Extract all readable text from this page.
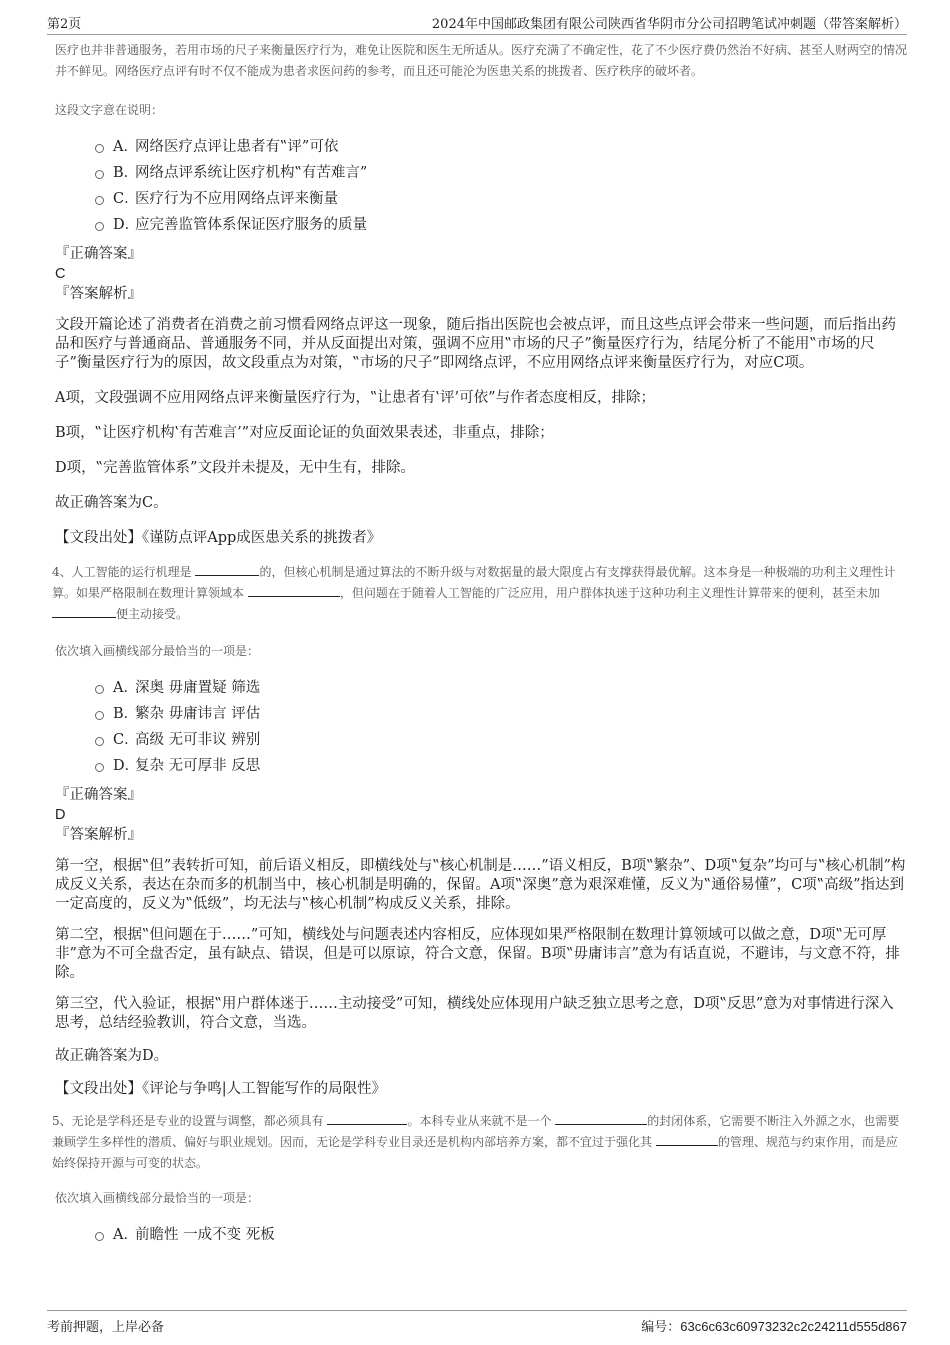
第2页	2024年中国邮政集团有限公司陕西省华阴市分公司招聘笔试冲刺题（带答案解析）
医疗也并非普通服务，若用市场的尺子来衡量医疗行为，难免让医院和医生无所适从。医疗充满了不确定性，花了不少医疗费仍然治不好病、甚至人财两空的情况并不鲜见。网络医疗点评有时不仅不能成为患者求医问药的参考，而且还可能沦为医患关系的挑拨者、医疗秩序的破坏者。
这段文字意在说明：
A．
网络医疗点评让患者有‟评”可依
B．
网络点评系统让医疗机构‟有苦难言”
C．
医疗行为不应用网络点评来衡量
D．
应完善监管体系保证医疗服务的质量
『正确答案』
C
『答案解析』
文段开篇论述了消费者在消费之前习惯看网络点评这一现象，随后指出医院也会被点评，而且这些点评会带来一些问题，而后指出药品和医疗与普通商品、普通服务不同，并从反面提出对策，强调不应用‟市场的尺子”衡量医疗行为，结尾分析了不能用‟市场的尺子”衡量医疗行为的原因，故文段重点为对策，‟市场的尺子”即网络点评，不应用网络点评来衡量医疗行为，对应C项。
A项，文段强调不应用网络点评来衡量医疗行为，‟让患者有‛评’可依”与作者态度相反，排除；
B项，‟让医疗机构‛有苦难言’”对应反面论证的负面效果表述，非重点，排除；
D项，‟完善监管体系”文段并未提及，无中生有，排除。
故正确答案为C。
【文段出处】《谨防点评App成医患关系的挑拨者》
4、人工智能的运行机理是	的，但核心机制是通过算法的不断升级与对数据量的最大限度占有支撑获得最优解。这本身是一种极端的功利主义理性计算。如果严格限制在数理计算领域本	，但问题在于随着人工智能的广泛应用，用户群体执迷于这种功利主义理性计算带来的便利，甚至未加 便主动接受。
依次填入画横线部分最恰当的一项是：
A．
深奥 毋庸置疑 筛选
B．
繁杂 毋庸讳言 评估
C．
高级 无可非议 辨别
D．
复杂 无可厚非 反思
『正确答案』
D
『答案解析』
第一空，根据‟但”表转折可知，前后语义相反，即横线处与‟核心机制是……”语义相反，B项‟繁杂”、D项‟复杂”均可与‟核心机制”构成反义关系，表达在杂而多的机制当中，核心机制是明确的，保留。A项‟深奥”意为艰深难懂，反义为‟通俗易懂”，C项‟高级”指达到一定高度的，反义为‟低级”，均无法与‟核心机制”构成反义关系，排除。
第二空，根据‟但问题在于……”可知，横线处与问题表述内容相反，应体现如果严格限制在数理计算领域可以做之意，D项‟无可厚非”意为不可全盘否定，虽有缺点、错误，但是可以原谅，符合文意，保留。B项‟毋庸讳言”意为有话直说，不避讳，与文意不符，排除。
第三空，代入验证，根据‟用户群体迷于……主动接受”可知，横线处应体现用户缺乏独立思考之意，D项‟反思”意为对事情进行深入思考，总结经验教训，符合文意，当选。
故正确答案为D。
【文段出处】《评论与争鸣|人工智能写作的局限性》
5、无论是学科还是专业的设置与调整，都必须具有	。本科专业从来就不是一个	的封闭体系，它需要不断注入外源之水，也需要兼顾学生多样性的潜质、偏好与职业规划。因而，无论是学科专业目录还是机构内部培养方案，都不宜过于强化其	的管理、规范与约束作用，而是应始终保持开源与可变的状态。
依次填入画横线部分最恰当的一项是：
A．
前瞻性 一成不变 死板
考前押题，上岸必备	编号：63c6c63c60973232c2c24211d555d867
